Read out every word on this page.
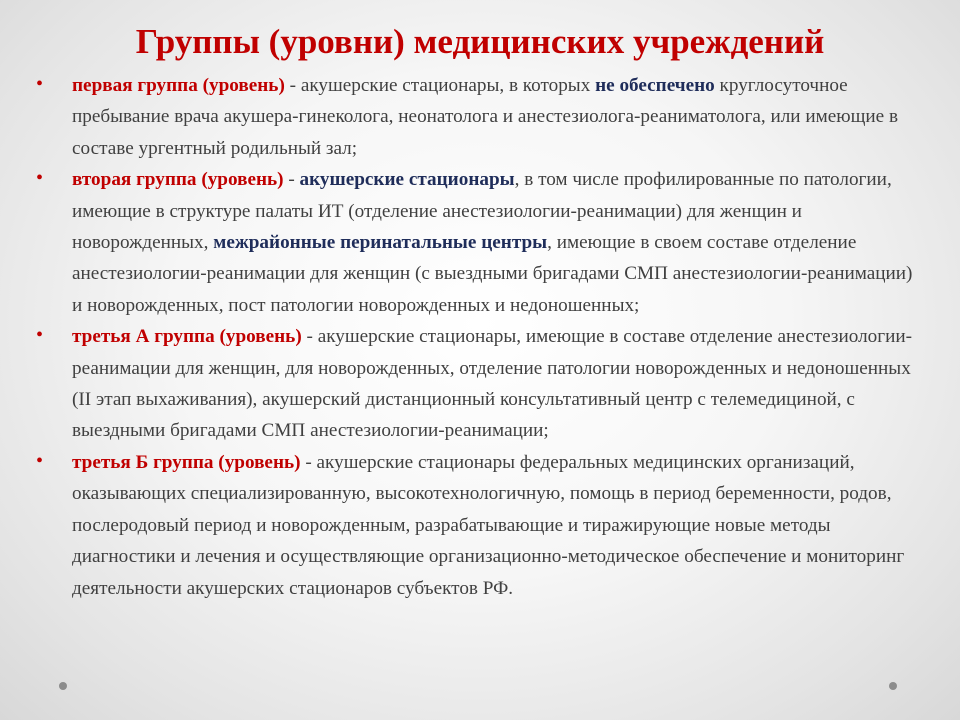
Группы (уровни) медицинских учреждений
• первая группа (уровень) - акушерские стационары, в которых не обеспечено круглосуточное пребывание врача акушера-гинеколога, неонатолога и анестезиолога-реаниматолога, или имеющие в составе ургентный родильный зал;
• вторая группа (уровень) - акушерские стационары, в том числе профилированные по патологии, имеющие в структуре палаты ИТ (отделение анестезиологии-реанимации) для женщин и новорожденных, межрайонные перинатальные центры, имеющие в своем составе отделение анестезиологии-реанимации для женщин (с выездными бригадами СМП анестезиологии-реанимации) и новорожденных, пост патологии новорожденных и недоношенных;
• третья А группа (уровень) - акушерские стационары, имеющие в составе отделение анестезиологии-реанимации для женщин, для новорожденных, отделение патологии новорожденных и недоношенных (II этап выхаживания), акушерский дистанционный консультативный центр с телемедициной, с выездными бригадами СМП анестезиологии-реанимации;
• третья Б группа (уровень) - акушерские стационары федеральных медицинских организаций, оказывающих специализированную, высокотехнологичную, помощь в период беременности, родов, послеродовый период и новорожденным, разрабатывающие и тиражирующие новые методы диагностики и лечения и осуществляющие организационно-методическое обеспечение и мониторинг деятельности акушерских стационаров субъектов РФ.
